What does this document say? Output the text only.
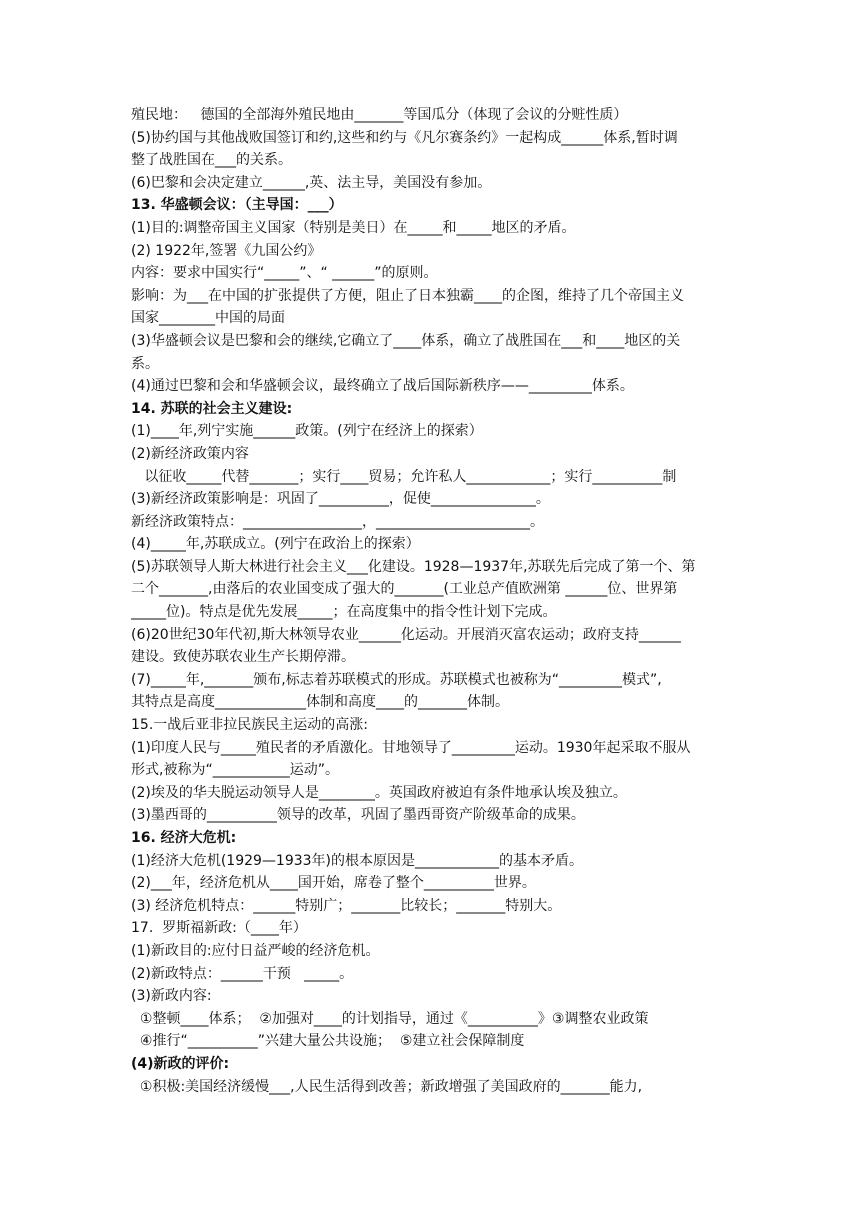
殖民地：   德国的全部海外殖民地由_______等国瓜分（体现了会议的分赃性质）
(5)协约国与其他战败国签订和约,这些和约与《凡尔赛条约》一起构成______体系,暂时调
整了战胜国在___的关系。
(6)巴黎和会决定建立______,英、法主导，美国没有参加。
13. 华盛顿会议：（主导国：___）
(1)目的:调整帝国主义国家（特别是美日）在_____和_____地区的矛盾。
(2) 1922年,签署《九国公约》
内容：要求中国实行“_____”、“ ______”的原则。
影响：为___在中国的扩张提供了方便，阻止了日本独霸____的企图，维持了几个帝国主义
国家________中国的局面
(3)华盛顿会议是巴黎和会的继续,它确立了____体系，确立了战胜国在___和____地区的关
系。
(4)通过巴黎和会和华盛顿会议，最终确立了战后国际新秩序——_________体系。
14. 苏联的社会主义建设:
(1)____年,列宁实施______政策。(列宁在经济上的探索）
(2)新经济政策内容
以征收_____代替_______；实行____贸易；允许私人____________；实行__________制
(3)新经济政策影响是：巩固了__________，促使_______________。
新经济政策特点：_________________，______________________。
(4)_____年,苏联成立。(列宁在政治上的探索）
(5)苏联领导人斯大林进行社会主义___化建设。1928—1937年,苏联先后完成了第一个、第
二个_______,由落后的农业国变成了强大的_______(工业总产值欧洲第 ______位、世界第
_____位)。特点是优先发展_____；在高度集中的指令性计划下完成。
(6)20世纪30年代初,斯大林领导农业______化运动。开展消灭富农运动；政府支持______
建设。致使苏联农业生产长期停滞。
(7)_____年,_______颁布,标志着苏联模式的形成。苏联模式也被称为“_________模式”,
其特点是高度_____________体制和高度____的_______体制。
15.一战后亚非拉民族民主运动的高涨:
(1)印度人民与_____殖民者的矛盾激化。甘地领导了_________运动。1930年起采取不服从
形式,被称为“___________运动”。
(2)埃及的华夫脱运动领导人是________。英国政府被迫有条件地承认埃及独立。
(3)墨西哥的__________领导的改革，巩固了墨西哥资产阶级革命的成果。
16. 经济大危机:
(1)经济大危机(1929—1933年)的根本原因是____________的基本矛盾。
(2)___年，经济危机从____国开始，席卷了整个__________世界。
(3) 经济危机特点：______特别广；_______比较长；_______特别大。
17.  罗斯福新政:（____年）
(1)新政目的:应付日益严峻的经济危机。
(2)新政特点：______干预   _____。
(3)新政内容:
①整顿____体系；  ②加强对____的计划指导，通过《__________》③调整农业政策
④推行“__________”兴建大量公共设施；  ⑤建立社会保障制度
(4)新政的评价:
①积极:美国经济缓慢___,人民生活得到改善；新政增强了美国政府的_______能力,
